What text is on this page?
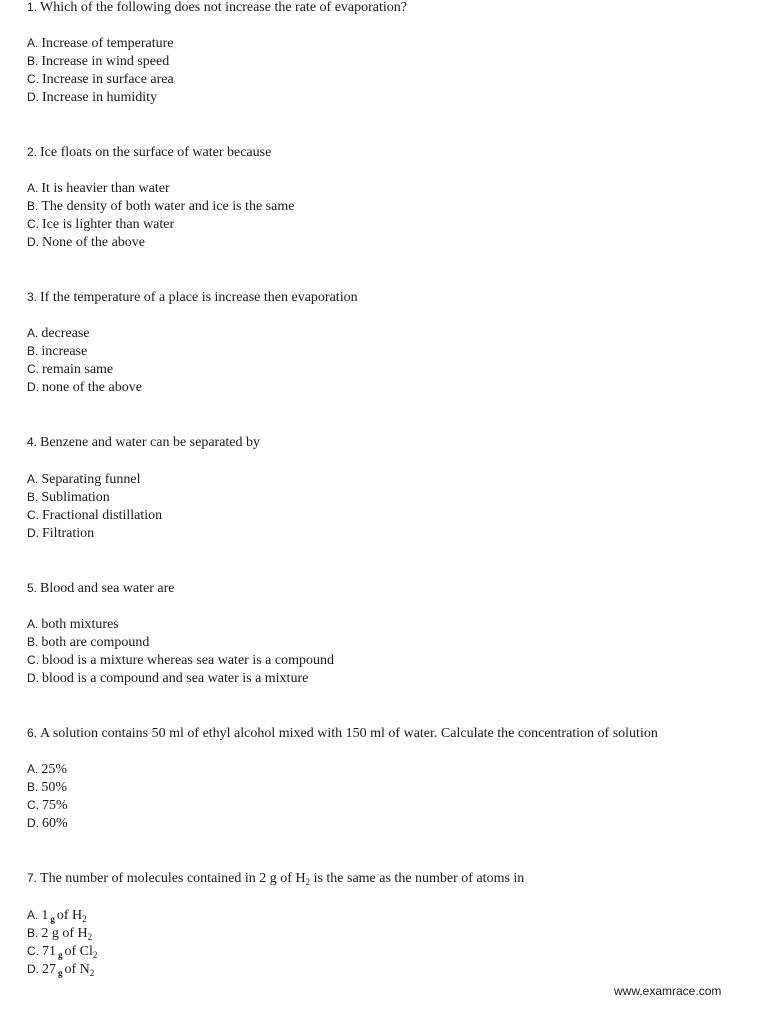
1. Which of the following does not increase the rate of evaporation?
A. Increase of temperature
B. Increase in wind speed
C. Increase in surface area
D. Increase in humidity
2. Ice floats on the surface of water because
A. It is heavier than water
B. The density of both water and ice is the same
C. Ice is lighter than water
D. None of the above
3. If the temperature of a place is increase then evaporation
A. decrease
B. increase
C. remain same
D. none of the above
4. Benzene and water can be separated by
A. Separating funnel
B. Sublimation
C. Fractional distillation
D. Filtration
5. Blood and sea water are
A. both mixtures
B. both are compound
C. blood is a mixture whereas sea water is a compound
D. blood is a compound and sea water is a mixture
6. A solution contains 50 ml of ethyl alcohol mixed with 150 ml of water. Calculate the concentration of solution
A. 25%
B. 50%
C. 75%
D. 60%
7. The number of molecules contained in 2 g of $H_2$ is the same as the number of atoms in
A. 1 $_g$ of $H_2$
B. 2 g of $H_2$
C. 71 $_g$ of $Cl_2$
D. 27 $_g$ of $N_2$
www.examrace.com
